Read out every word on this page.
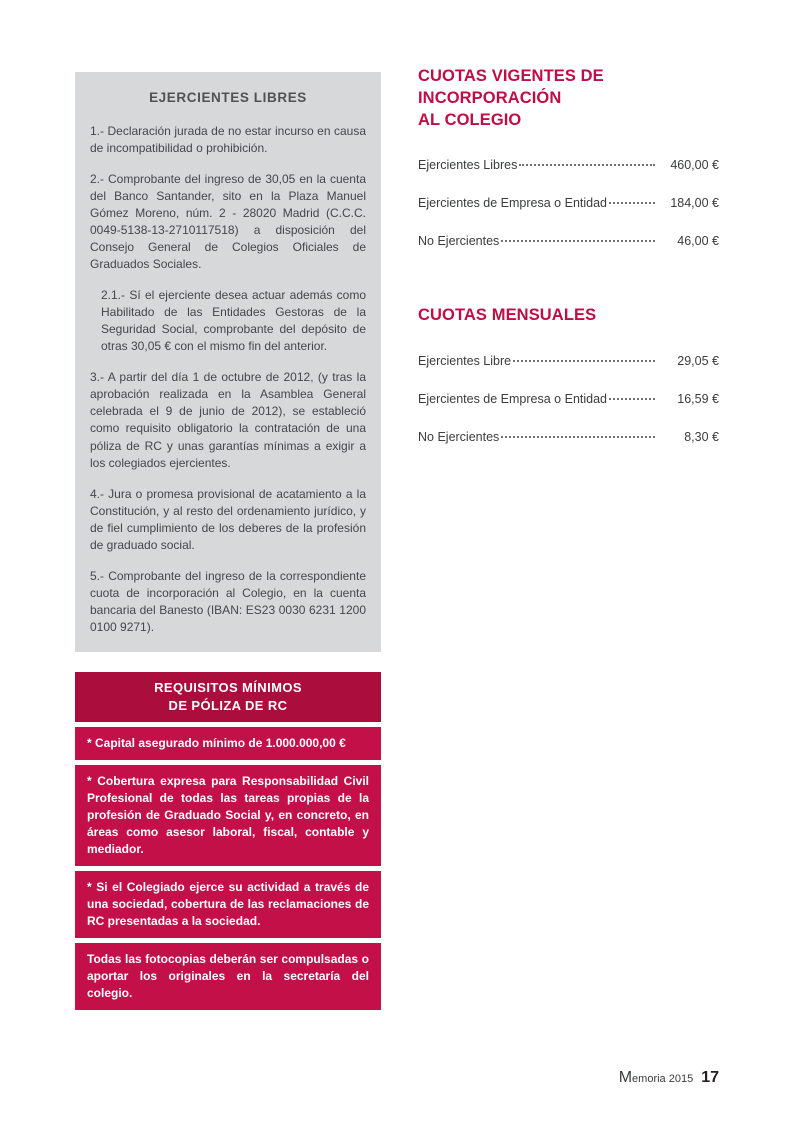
EJERCIENTES LIBRES

1.- Declaración jurada de no estar incurso en causa de incompatibilidad o prohibición.

2.- Comprobante del ingreso de 30,05 en la cuenta del Banco Santander, sito en la Plaza Manuel Gómez Moreno, núm. 2 - 28020 Madrid (C.C.C. 0049-5138-13-2710117518) a disposición del Consejo General de Colegios Oficiales de Graduados Sociales.

2.1.- Sí el ejerciente desea actuar además como Habilitado de las Entidades Gestoras de la Seguridad Social, comprobante del depósito de otras 30,05 € con el mismo fin del anterior.

3.- A partir del día 1 de octubre de 2012, (y tras la aprobación realizada en la Asamblea General celebrada el 9 de junio de 2012), se estableció como requisito obligatorio la contratación de una póliza de RC y unas garantías mínimas a exigir a los colegiados ejercientes.

4.- Jura o promesa provisional de acatamiento a la Constitución, y al resto del ordenamiento jurídico, y de fiel cumplimiento de los deberes de la profesión de graduado social.

5.- Comprobante del ingreso de la correspondiente cuota de incorporación al Colegio, en la cuenta bancaria del Banesto (IBAN: ES23 0030 6231 1200 0100 9271).

REQUISITOS MÍNIMOS
DE PÓLIZA DE RC
* Capital asegurado mínimo de 1.000.000,00 €
* Cobertura expresa para Responsabilidad Civil Profesional de todas las tareas propias de la profesión de Graduado Social y, en concreto, en áreas como asesor laboral, fiscal, contable y mediador.
* Si el Colegiado ejerce su actividad a través de una sociedad, cobertura de las reclamaciones de RC presentadas a la sociedad.
Todas las fotocopias deberán ser compulsadas o aportar los originales en la secretaría del colegio.
CUOTAS VIGENTES DE INCORPORACIÓN
AL COLEGIO
Ejercientes Libres	460,00 €
Ejercientes de Empresa o Entidad	184,00 €
No Ejercientes	46,00 €
CUOTAS MENSUALES
Ejercientes Libre	29,05 €
Ejercientes de Empresa o Entidad	16,59 €
No Ejercientes	8,30 €
M emoria 2015 17
